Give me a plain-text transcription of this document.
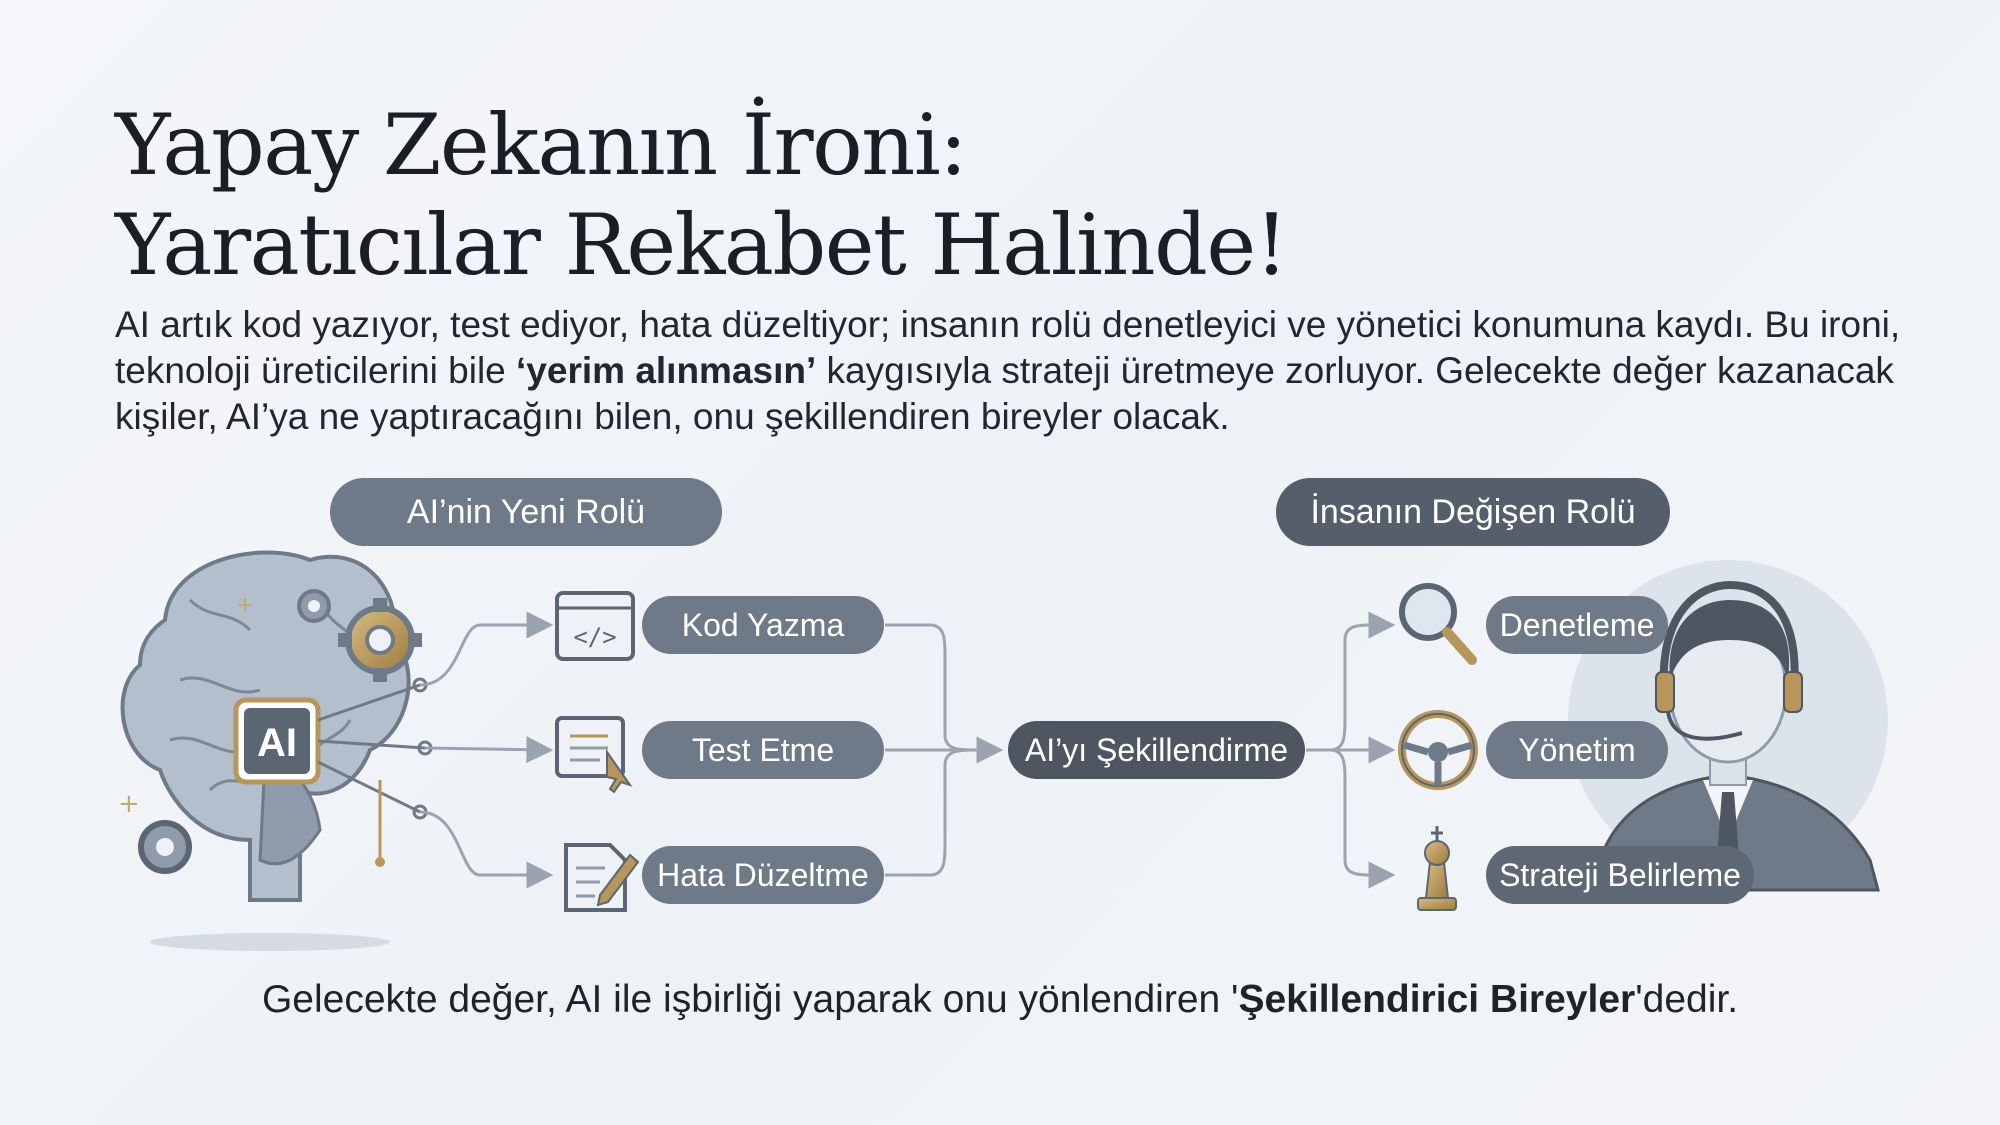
Yapay Zekanın İroni:
Yaratıcılar Rekabet Halinde!

AI artık kod yazıyor, test ediyor, hata düzeltiyor; insanın rolü denetleyici ve yönetici konumuna kaydı. Bu ironi, teknoloji üreticilerini bile ‘yerim alınmasın’ kaygısıyla strateji üretmeye zorluyor. Gelecekte değer kazanacak kişiler, AI’ya ne yaptıracağını bilen, onu şekillendiren bireyler olacak.

AI
+
+
</>
AI’nin Yeni Rolü	İnsanın Değişen Rolü
Kod Yazma
Test Etme
Hata Düzeltme
AI’yı Şekillendirme
Denetleme
Yönetim
Strateji Belirleme

Gelecekte değer, AI ile işbirliği yaparak onu yönlendiren 'Şekillendirici Bireyler'dedir.
